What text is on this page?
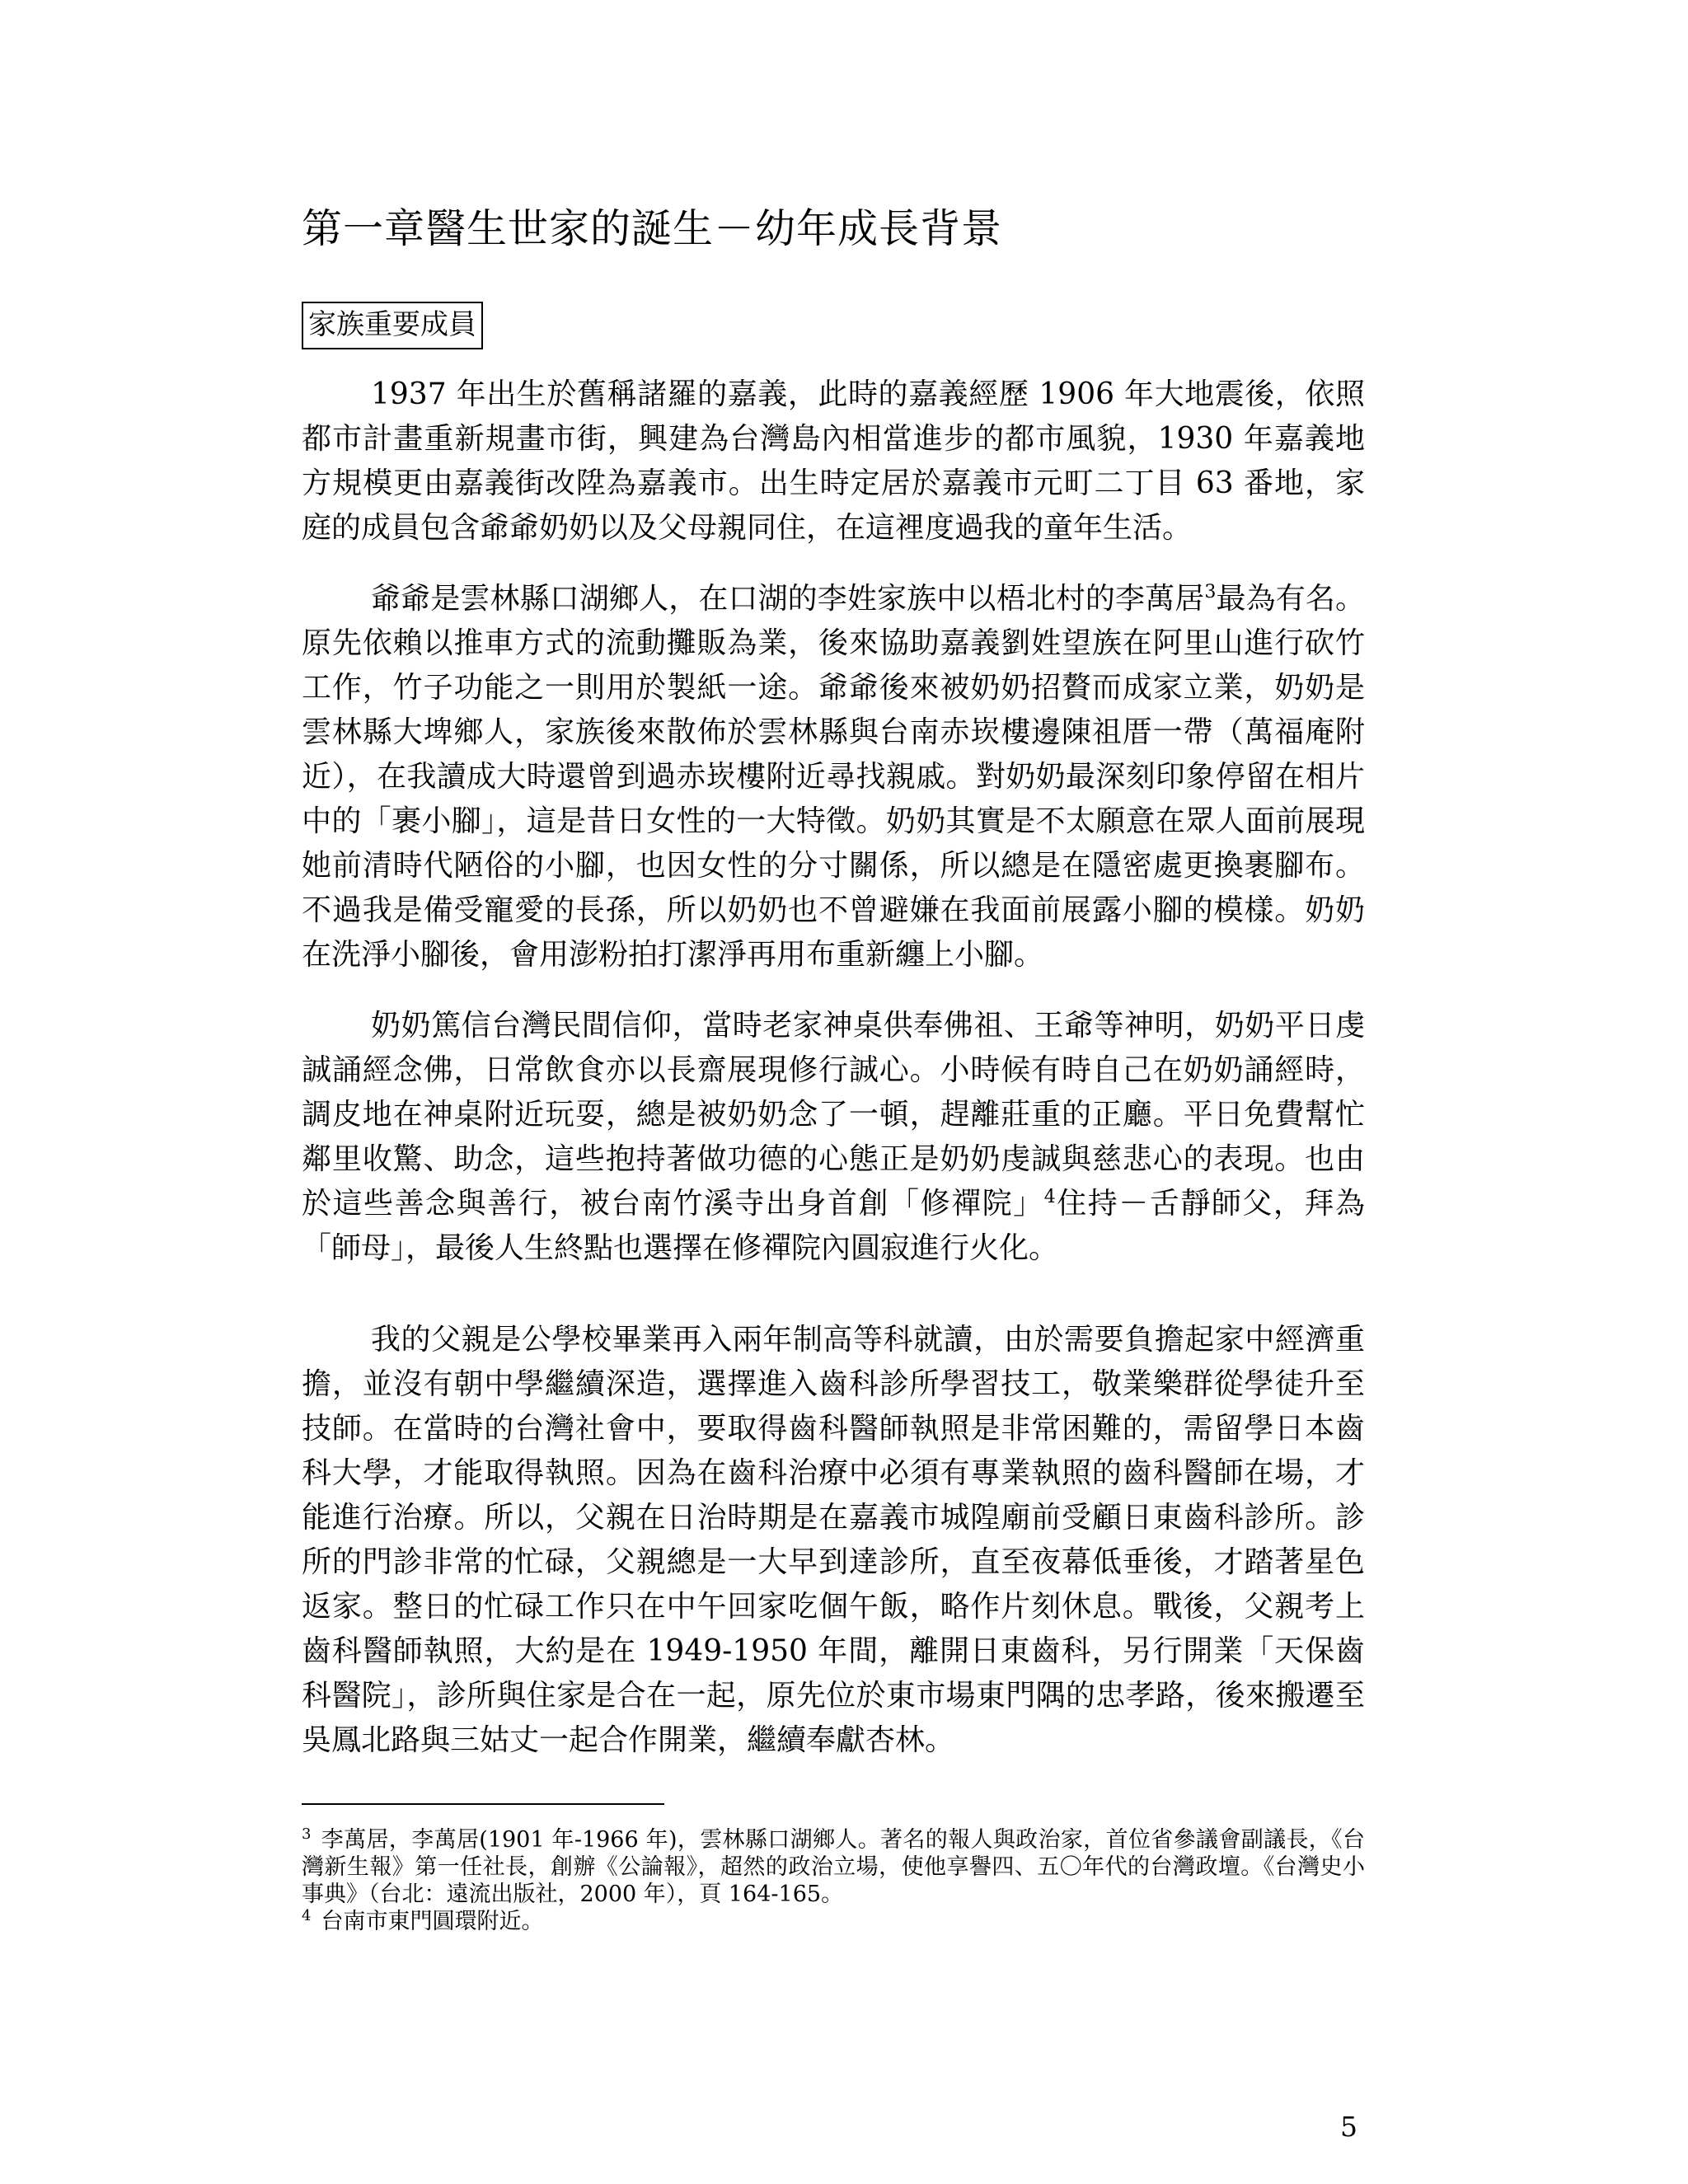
第一章醫生世家的誕生－幼年成長背景
家族重要成員

1937 年出生於舊稱諸羅的嘉義，此時的嘉義經歷 1906 年大地震後，依照都市計畫重新規畫市街，興建為台灣島內相當進步的都市風貌，1930 年嘉義地方規模更由嘉義街改陞為嘉義市。出生時定居於嘉義市元町二丁目 63 番地，家庭的成員包含爺爺奶奶以及父母親同住，在這裡度過我的童年生活。

爺爺是雲林縣口湖鄉人，在口湖的李姓家族中以梧北村的李萬居$^3$最為有名。原先依賴以推車方式的流動攤販為業，後來協助嘉義劉姓望族在阿里山進行砍竹工作，竹子功能之一則用於製紙一途。爺爺後來被奶奶招贅而成家立業，奶奶是雲林縣大埤鄉人，家族後來散佈於雲林縣與台南赤崁樓邊陳祖厝一帶（萬福庵附近），在我讀成大時還曾到過赤崁樓附近尋找親戚。對奶奶最深刻印象停留在相片中的「裹小腳」，這是昔日女性的一大特徵。奶奶其實是不太願意在眾人面前展現她前清時代陋俗的小腳，也因女性的分寸關係，所以總是在隱密處更換裹腳布。不過我是備受寵愛的長孫，所以奶奶也不曾避嫌在我面前展露小腳的模樣。奶奶在洗淨小腳後，會用澎粉拍打潔淨再用布重新纏上小腳。

奶奶篤信台灣民間信仰，當時老家神桌供奉佛祖、王爺等神明，奶奶平日虔誠誦經念佛，日常飲食亦以長齋展現修行誠心。小時候有時自己在奶奶誦經時，調皮地在神桌附近玩耍，總是被奶奶念了一頓，趕離莊重的正廳。平日免費幫忙鄰里收驚、助念，這些抱持著做功德的心態正是奶奶虔誠與慈悲心的表現。也由於這些善念與善行，被台南竹溪寺出身首創「修禪院」$^4$住持－舌靜師父，拜為「師母」，最後人生終點也選擇在修禪院內圓寂進行火化。

我的父親是公學校畢業再入兩年制高等科就讀，由於需要負擔起家中經濟重擔，並沒有朝中學繼續深造，選擇進入齒科診所學習技工，敬業樂群從學徒升至技師。在當時的台灣社會中，要取得齒科醫師執照是非常困難的，需留學日本齒科大學，才能取得執照。因為在齒科治療中必須有專業執照的齒科醫師在場，才能進行治療。所以，父親在日治時期是在嘉義市城隍廟前受顧日東齒科診所。診所的門診非常的忙碌，父親總是一大早到達診所，直至夜幕低垂後，才踏著星色返家。整日的忙碌工作只在中午回家吃個午飯，略作片刻休息。戰後，父親考上齒科醫師執照，大約是在 1949-1950 年間，離開日東齒科，另行開業「天保齒科醫院」，診所與住家是合在一起，原先位於東市場東門隅的忠孝路，後來搬遷至吳鳳北路與三姑丈一起合作開業，繼續奉獻杏林。

$^3$ 李萬居，李萬居(1901 年-1966 年)，雲林縣口湖鄉人。著名的報人與政治家，首位省參議會副議長，《台灣新生報》第一任社長，創辦《公論報》，超然的政治立場，使他享譽四、五〇年代的台灣政壇。《台灣史小事典》（台北：遠流出版社，2000 年），頁 164-165。

$^4$ 台南市東門圓環附近。

5
